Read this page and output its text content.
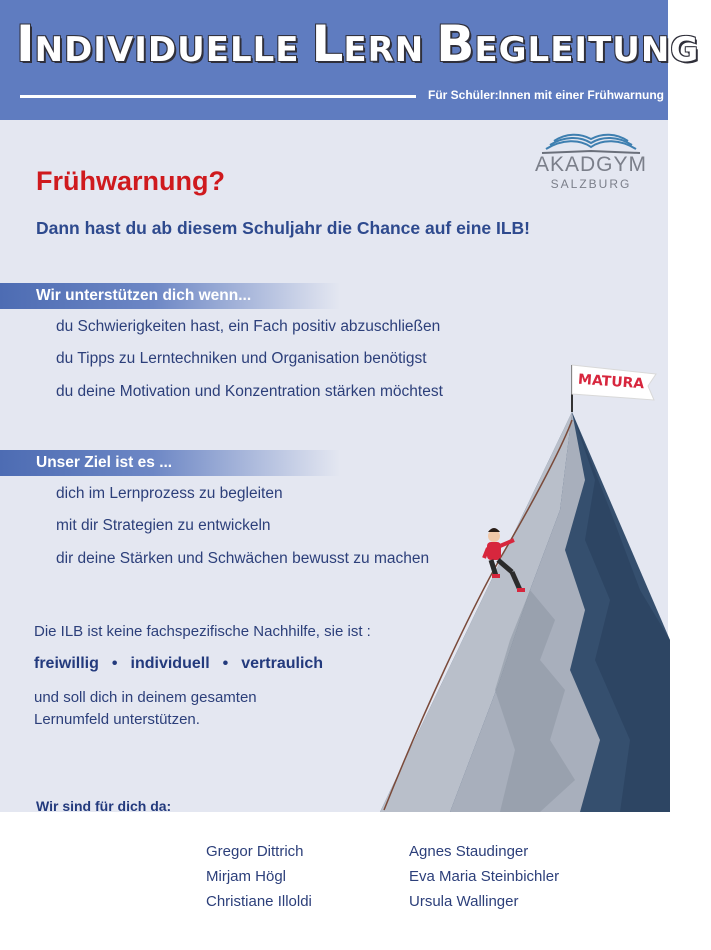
INDIVIDUELLE LERN BEGLEITUNG
Für Schüler:Innen mit einer Frühwarnung
AKADGYM
SALZBURG
Frühwarnung?
Dann hast du ab diesem Schuljahr die Chance auf eine ILB!
Wir unterstützen dich wenn...
du Schwierigkeiten hast, ein Fach positiv abzuschließen
du Tipps zu Lerntechniken und Organisation benötigst
du deine Motivation und Konzentration stärken möchtest
Unser Ziel ist es ...
dich im Lernprozess zu begleiten
mit dir Strategien zu entwickeln
dir deine Stärken und Schwächen bewusst zu machen
Die ILB ist keine fachspezifische Nachhilfe, sie ist :
freiwillig • individuell • vertraulich
und soll dich in deinem gesamten
Lernumfeld unterstützen.
MATURA
Wir sind für dich da:
Gregor Dittrich
Mirjam Högl
Christiane Illoldi
Agnes Staudinger
Eva Maria Steinbichler
Ursula Wallinger
